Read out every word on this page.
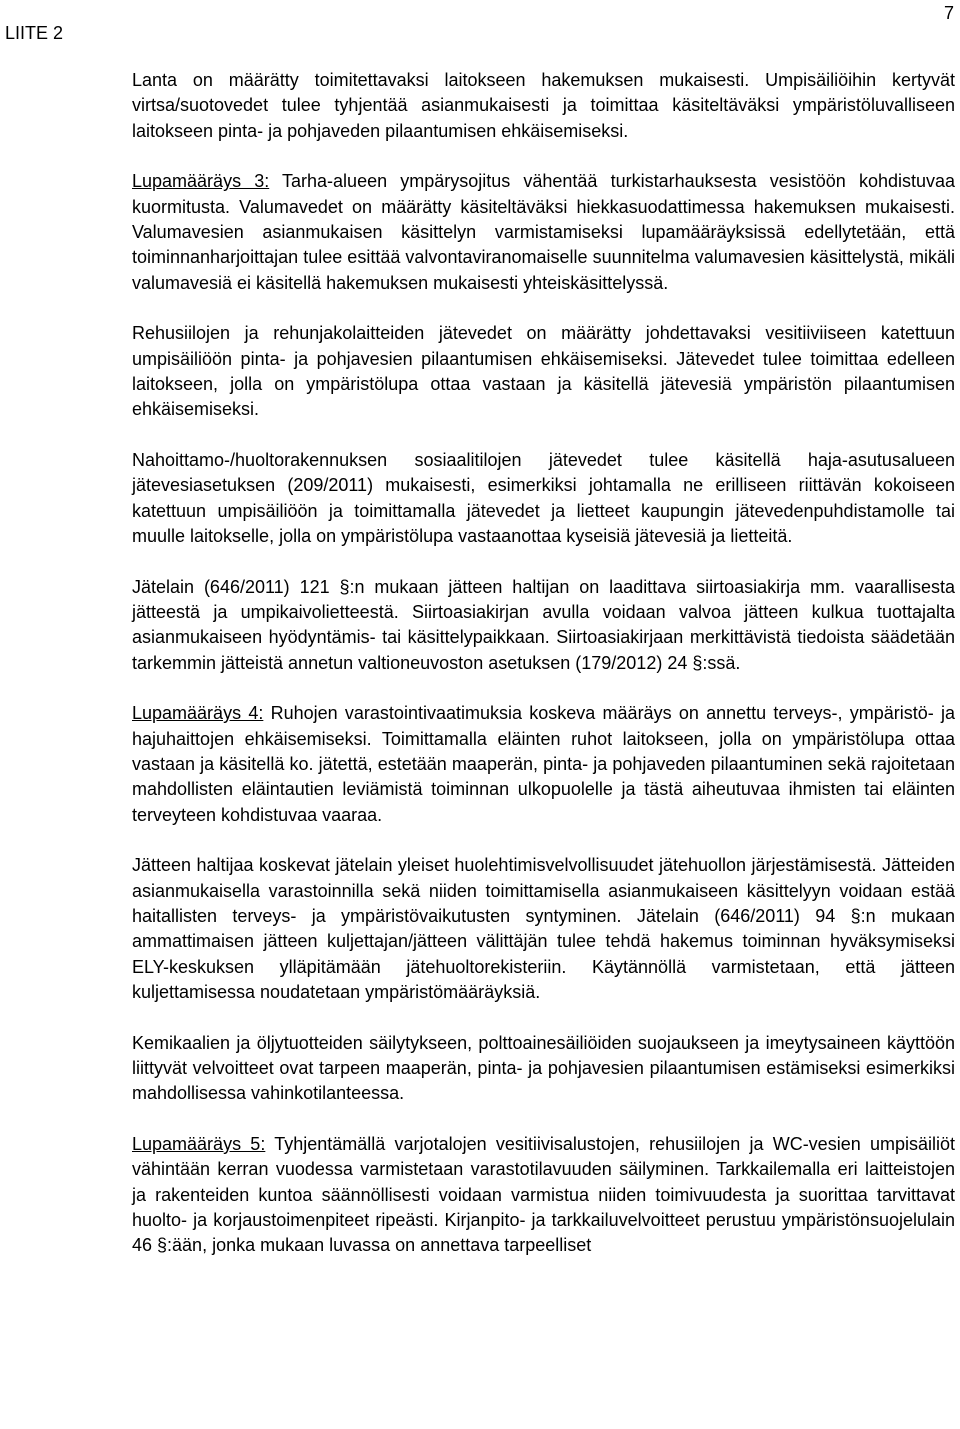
LIITE 2

7

Lanta on määrätty toimitettavaksi laitokseen hakemuksen mukaisesti. Umpisäiliöihin kertyvät virtsa/suotovedet tulee tyhjentää asianmukaisesti ja toimittaa käsiteltäväksi ympäristöluvalliseen laitokseen pinta- ja pohjaveden pilaantumisen ehkäisemiseksi.

Lupamääräys 3: Tarha-alueen ympärysojitus vähentää turkistarhauksesta vesistöön kohdistuvaa kuormitusta. Valumavedet on määrätty käsiteltäväksi hiekkasuodattimessa hakemuksen mukaisesti. Valumavesien asianmukaisen käsittelyn varmistamiseksi lupamääräyksissä edellytetään, että toiminnanharjoittajan tulee esittää valvontaviranomaiselle suunnitelma valumavesien käsittelystä, mikäli valumavesiä ei käsitellä hakemuksen mukaisesti yhteiskäsittelyssä.

Rehusiilojen ja rehunjakolaitteiden jätevedet on määrätty johdettavaksi vesitiiviiseen katettuun umpisäiliöön pinta- ja pohjavesien pilaantumisen ehkäisemiseksi. Jätevedet tulee toimittaa edelleen laitokseen, jolla on ympäristölupa ottaa vastaan ja käsitellä jätevesiä ympäristön pilaantumisen ehkäisemiseksi.

Nahoittamo-/huoltorakennuksen sosiaalitilojen jätevedet tulee käsitellä haja-asutusalueen jätevesiasetuksen (209/2011) mukaisesti, esimerkiksi johtamalla ne erilliseen riittävän kokoiseen katettuun umpisäiliöön ja toimittamalla jätevedet ja lietteet kaupungin jätevedenpuhdistamolle tai muulle laitokselle, jolla on ympäristölupa vastaanottaa kyseisiä jätevesiä ja lietteitä.

Jätelain (646/2011) 121 §:n mukaan jätteen haltijan on laadittava siirtoasiakirja mm. vaarallisesta jätteestä ja umpikaivolietteestä. Siirtoasiakirjan avulla voidaan valvoa jätteen kulkua tuottajalta asianmukaiseen hyödyntämis- tai käsittelypaikkaan. Siirtoasiakirjaan merkittävistä tiedoista säädetään tarkemmin jätteistä annetun valtioneuvoston asetuksen (179/2012) 24 §:ssä.

Lupamääräys 4: Ruhojen varastointivaatimuksia koskeva määräys on annettu terveys-, ympäristö- ja hajuhaittojen ehkäisemiseksi. Toimittamalla eläinten ruhot laitokseen, jolla on ympäristölupa ottaa vastaan ja käsitellä ko. jätettä, estetään maaperän, pinta- ja pohjaveden pilaantuminen sekä rajoitetaan mahdollisten eläintautien leviämistä toiminnan ulkopuolelle ja tästä aiheutuvaa ihmisten tai eläinten terveyteen kohdistuvaa vaaraa.

Jätteen haltijaa koskevat jätelain yleiset huolehtimisvelvollisuudet jätehuollon järjestämisestä. Jätteiden asianmukaisella varastoinnilla sekä niiden toimittamisella asianmukaiseen käsittelyyn voidaan estää haitallisten terveys- ja ympäristövaikutusten syntyminen. Jätelain (646/2011) 94 §:n mukaan ammattimaisen jätteen kuljettajan/jätteen välittäjän tulee tehdä hakemus toiminnan hyväksymiseksi ELY-keskuksen ylläpitämään jätehuoltorekisteriin. Käytännöllä varmistetaan, että jätteen kuljettamisessa noudatetaan ympäristömääräyksiä.

Kemikaalien ja öljytuotteiden säilytykseen, polttoainesäiliöiden suojaukseen ja imeytysaineen käyttöön liittyvät velvoitteet ovat tarpeen maaperän, pinta- ja pohjavesien pilaantumisen estämiseksi esimerkiksi mahdollisessa vahinkotilanteessa.

Lupamääräys 5: Tyhjentämällä varjotalojen vesitiivisalustojen, rehusiilojen ja WC-vesien umpisäiliöt vähintään kerran vuodessa varmistetaan varastotilavuuden säilyminen. Tarkkailemalla eri laitteistojen ja rakenteiden kuntoa säännöllisesti voidaan varmistua niiden toimivuudesta ja suorittaa tarvittavat huolto- ja korjaustoimenpiteet ripeästi. Kirjanpito- ja tarkkailuvelvoitteet perustuu ympäristönsuojelulain 46 §:ään, jonka mukaan luvassa on annettava tarpeelliset
